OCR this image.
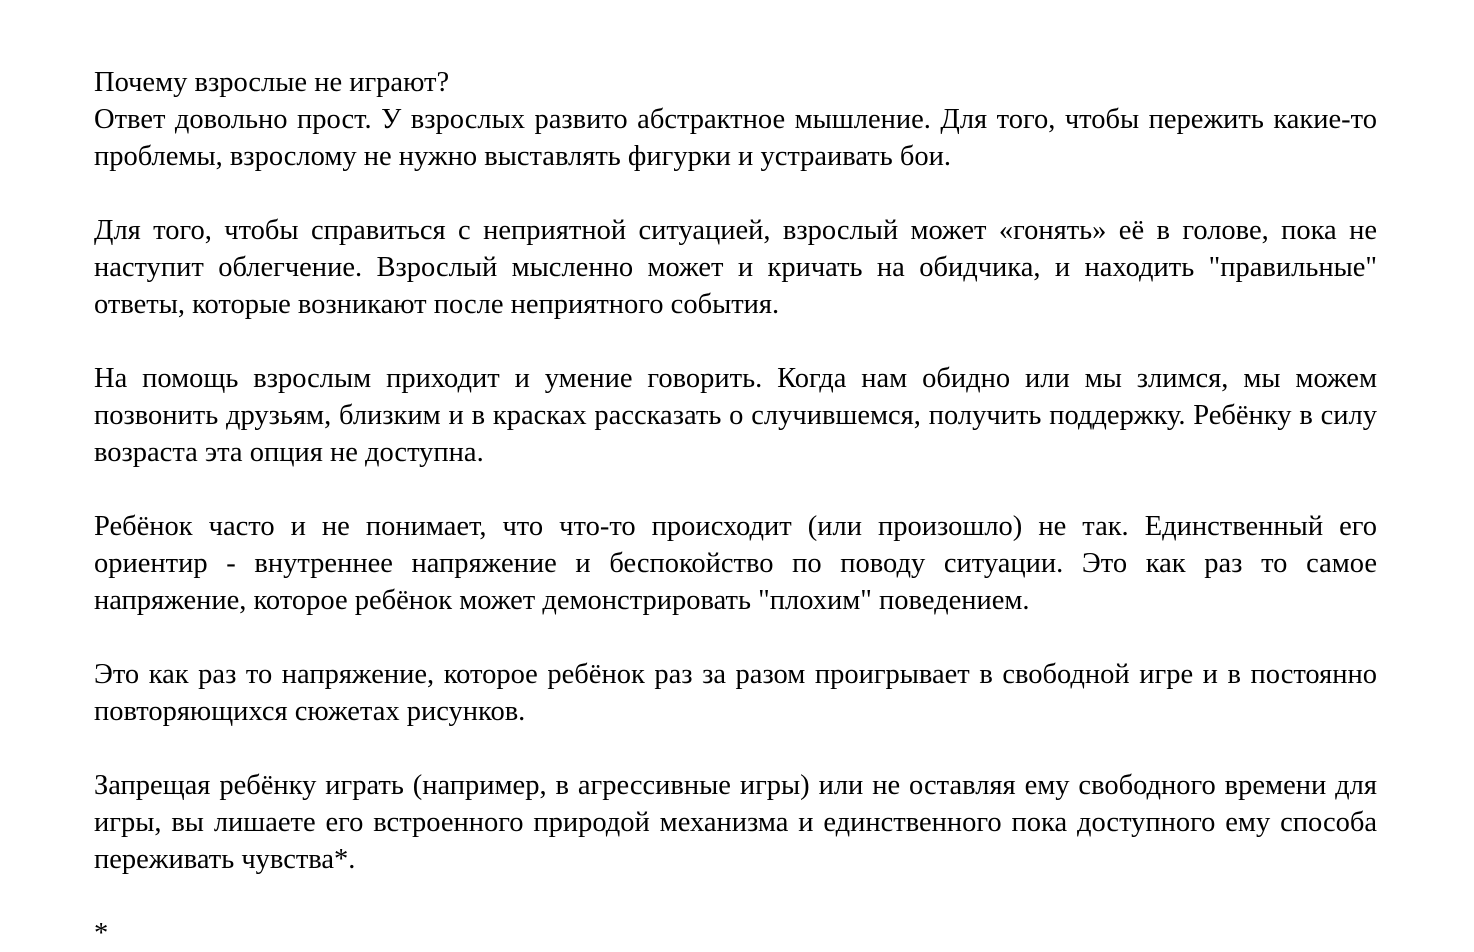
Почему взрослые не играют?

Ответ довольно прост. У взрослых развито абстрактное мышление. Для того, чтобы пережить какие-то проблемы, взрослому не нужно выставлять фигурки и устраивать бои.

Для того, чтобы справиться с неприятной ситуацией, взрослый может «гонять» её в голове, пока не наступит облегчение. Взрослый мысленно может и кричать на обидчика, и находить "правильные" ответы, которые возникают после неприятного события.

На помощь взрослым приходит и умение говорить. Когда нам обидно или мы злимся, мы можем позвонить друзьям, близким и в красках рассказать о случившемся, получить поддержку. Ребёнку в силу возраста эта опция не доступна.

Ребёнок часто и не понимает, что что-то происходит (или произошло) не так. Единственный его ориентир - внутреннее напряжение и беспокойство по поводу ситуации. Это как раз то самое напряжение, которое ребёнок может демонстрировать "плохим" поведением.

Это как раз то напряжение, которое ребёнок раз за разом проигрывает в свободной игре и в постоянно повторяющихся сюжетах рисунков.

Запрещая ребёнку играть (например, в агрессивные игры) или не оставляя ему свободного времени для игры, вы лишаете его встроенного природой механизма и единственного пока доступного ему способа переживать чувства*.

*
